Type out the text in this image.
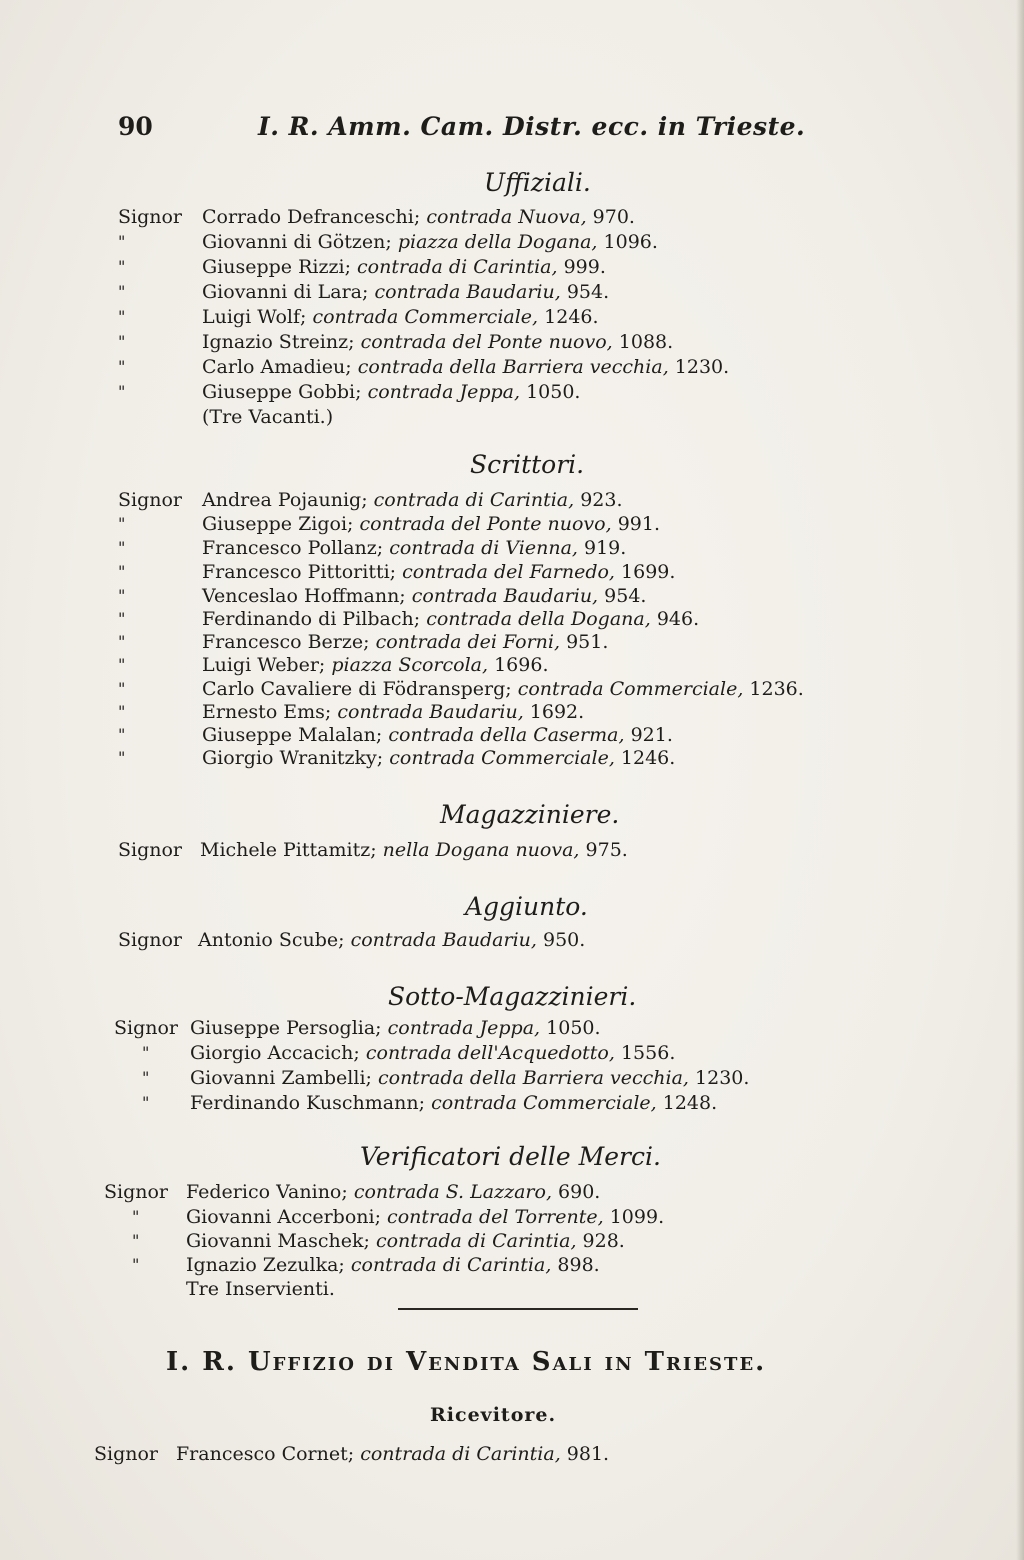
90	I. R. Amm. Cam. Distr. ecc. in Trieste.
Uffiziali.
Signor Corrado Defranceschi; contrada Nuova, 970.
"	Giovanni di Götzen; piazza della Dogana, 1096.
"	Giuseppe Rizzi; contrada di Carintia, 999.
"	Giovanni di Lara; contrada Baudariu, 954.
"	Luigi Wolf; contrada Commerciale, 1246.
"	Ignazio Streinz; contrada del Ponte nuovo, 1088.
"	Carlo Amadieu; contrada della Barriera vecchia, 1230.
"	Giuseppe Gobbi; contrada Jeppa, 1050.
(Tre Vacanti.)
Scrittori.
Signor Andrea Pojaunig; contrada di Carintia, 923.
"	Giuseppe Zigoi; contrada del Ponte nuovo, 991.
"	Francesco Pollanz; contrada di Vienna, 919.
"	Francesco Pittoritti; contrada del Farnedo, 1699.
"	Venceslao Hoffmann; contrada Baudariu, 954.
"	Ferdinando di Pilbach; contrada della Dogana, 946.
"	Francesco Berze; contrada dei Forni, 951.
"	Luigi Weber; piazza Scorcola, 1696.
"	Carlo Cavaliere di Födransperg; contrada Commerciale, 1236.
"	Ernesto Ems; contrada Baudariu, 1692.
"	Giuseppe Malalan; contrada della Caserma, 921.
"	Giorgio Wranitzky; contrada Commerciale, 1246.
Magazziniere.
Signor Michele Pittamitz; nella Dogana nuova, 975.
Aggiunto.
Signor Antonio Scube; contrada Baudariu, 950.
Sotto-Magazzinieri.
Signor Giuseppe Persoglia; contrada Jeppa, 1050.
" Giorgio Accacich; contrada dell'Acquedotto, 1556.
" Giovanni Zambelli; contrada della Barriera vecchia, 1230.
" Ferdinando Kuschmann; contrada Commerciale, 1248.
Verificatori delle Merci.
Signor Federico Vanino; contrada S. Lazzaro, 690.
" Giovanni Accerboni; contrada del Torrente, 1099.
" Giovanni Maschek; contrada di Carintia, 928.
" Ignazio Zezulka; contrada di Carintia, 898.
Tre Inservienti.
I. R. Uffizio di Vendita Sali in Trieste.
Ricevitore.
Signor Francesco Cornet; contrada di Carintia, 981.
